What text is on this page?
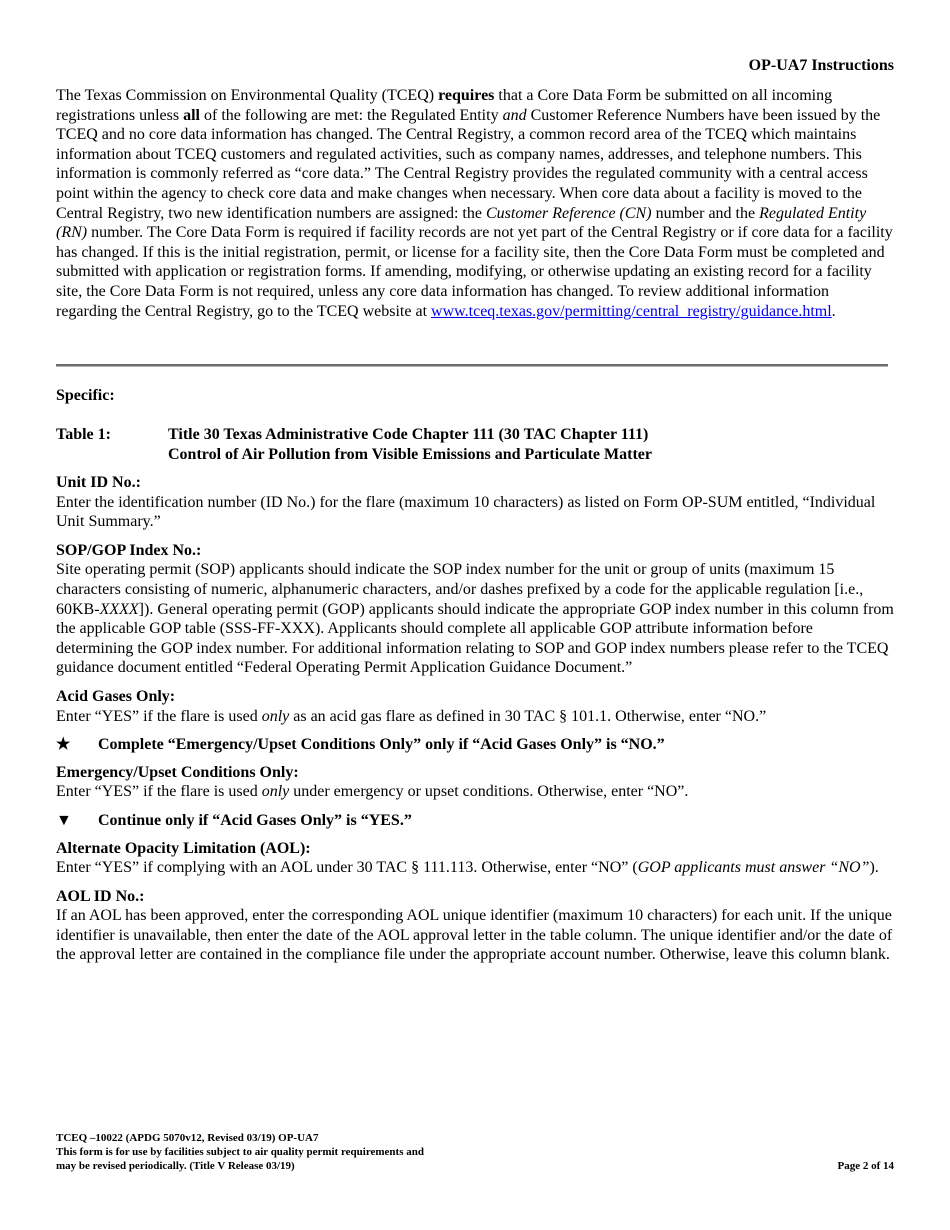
OP-UA7 Instructions

The Texas Commission on Environmental Quality (TCEQ) requires that a Core Data Form be submitted on all incoming registrations unless all of the following are met: the Regulated Entity and Customer Reference Numbers have been issued by the TCEQ and no core data information has changed. The Central Registry, a common record area of the TCEQ which maintains information about TCEQ customers and regulated activities, such as company names, addresses, and telephone numbers. This information is commonly referred as “core data.” The Central Registry provides the regulated community with a central access point within the agency to check core data and make changes when necessary. When core data about a facility is moved to the Central Registry, two new identification numbers are assigned: the Customer Reference (CN) number and the Regulated Entity (RN) number. The Core Data Form is required if facility records are not yet part of the Central Registry or if core data for a facility has changed. If this is the initial registration, permit, or license for a facility site, then the Core Data Form must be completed and submitted with application or registration forms. If amending, modifying, or otherwise updating an existing record for a facility site, the Core Data Form is not required, unless any core data information has changed. To review additional information regarding the Central Registry, go to the TCEQ website at www.tceq.texas.gov/permitting/central_registry/guidance.html.

Specific:
Table 1:	Title 30 Texas Administrative Code Chapter 111 (30 TAC Chapter 111)
Control of Air Pollution from Visible Emissions and Particulate Matter
Unit ID No.:
Enter the identification number (ID No.) for the flare (maximum 10 characters) as listed on Form OP-SUM entitled, “Individual Unit Summary.”
SOP/GOP Index No.:
Site operating permit (SOP) applicants should indicate the SOP index number for the unit or group of units (maximum 15 characters consisting of numeric, alphanumeric characters, and/or dashes prefixed by a code for the applicable regulation [i.e., 60KB-XXXX]). General operating permit (GOP) applicants should indicate the appropriate GOP index number in this column from the applicable GOP table (SSS-FF-XXX). Applicants should complete all applicable GOP attribute information before determining the GOP index number. For additional information relating to SOP and GOP index numbers please refer to the TCEQ guidance document entitled “Federal Operating Permit Application Guidance Document.”
Acid Gases Only:
Enter “YES” if the flare is used only as an acid gas flare as defined in 30 TAC § 101.1. Otherwise, enter “NO.”
★	Complete “Emergency/Upset Conditions Only” only if “Acid Gases Only” is “NO.”
Emergency/Upset Conditions Only:
Enter “YES” if the flare is used only under emergency or upset conditions. Otherwise, enter “NO”.
▼	Continue only if “Acid Gases Only” is “YES.”
Alternate Opacity Limitation (AOL):
Enter “YES” if complying with an AOL under 30 TAC § 111.113. Otherwise, enter “NO” (GOP applicants must answer “NO”).
AOL ID No.:
If an AOL has been approved, enter the corresponding AOL unique identifier (maximum 10 characters) for each unit. If the unique identifier is unavailable, then enter the date of the AOL approval letter in the table column. The unique identifier and/or the date of the approval letter are contained in the compliance file under the appropriate account number. Otherwise, leave this column blank.
TCEQ –10022 (APDG 5070v12, Revised 03/19) OP-UA7
This form is for use by facilities subject to air quality permit requirements and
may be revised periodically. (Title V Release 03/19)	Page 2 of 14
